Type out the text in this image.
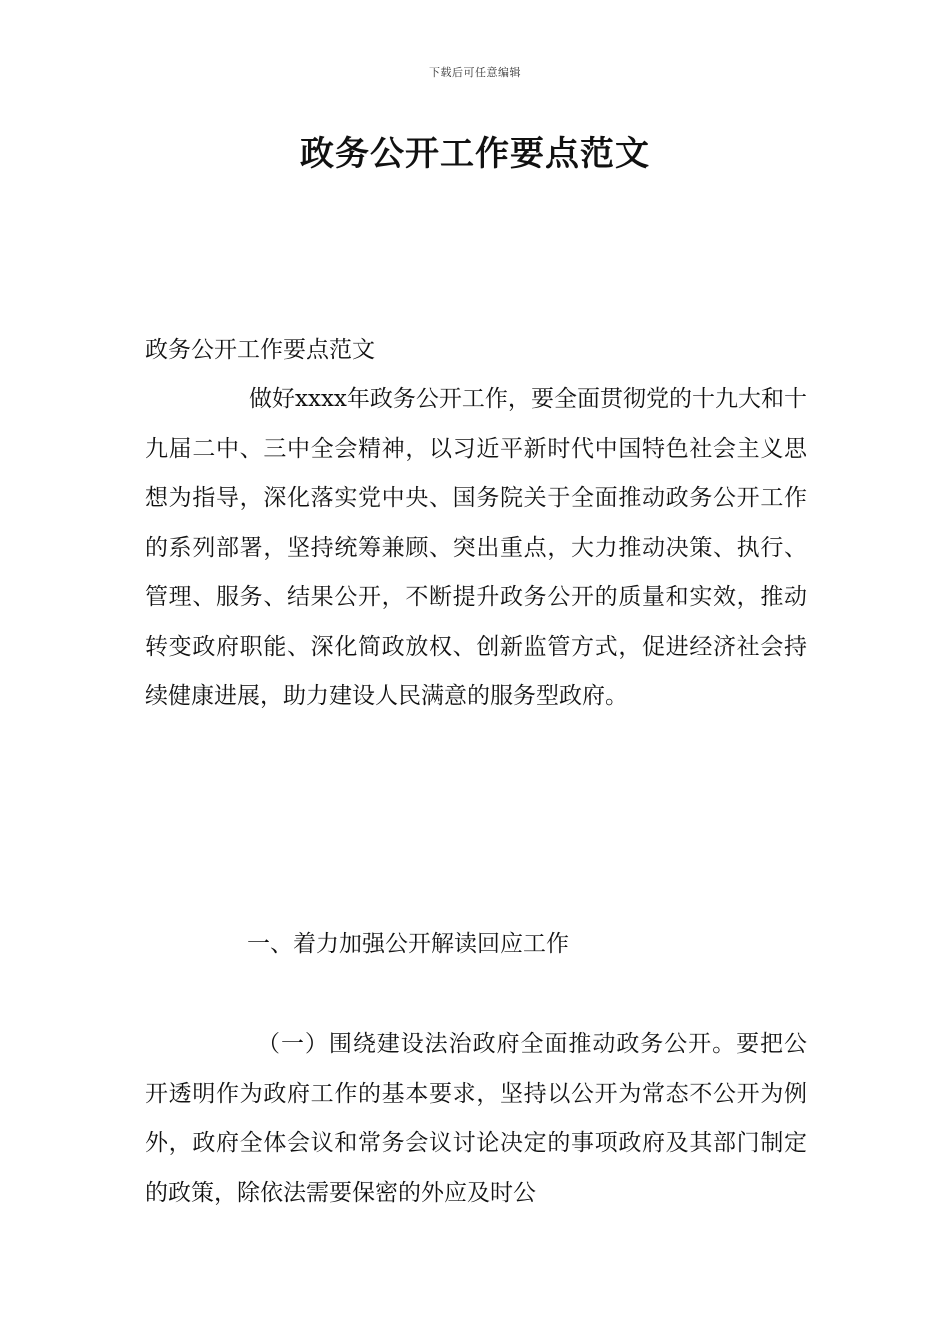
下载后可任意编辑
政务公开工作要点范文

政务公开工作要点范文

做好xxxx年政务公开工作，要全面贯彻党的十九大和十九届二中、三中全会精神，以习近平新时代中国特色社会主义思想为指导，深化落实党中央、国务院关于全面推动政务公开工作的系列部署，坚持统筹兼顾、突出重点，大力推动决策、执行、管理、服务、结果公开，不断提升政务公开的质量和实效，推动转变政府职能、深化简政放权、创新监管方式，促进经济社会持续健康进展，助力建设人民满意的服务型政府。

一、着力加强公开解读回应工作

（一）围绕建设法治政府全面推动政务公开。要把公开透明作为政府工作的基本要求，坚持以公开为常态不公开为例外，政府全体会议和常务会议讨论决定的事项政府及其部门制定的政策，除依法需要保密的外应及时公
